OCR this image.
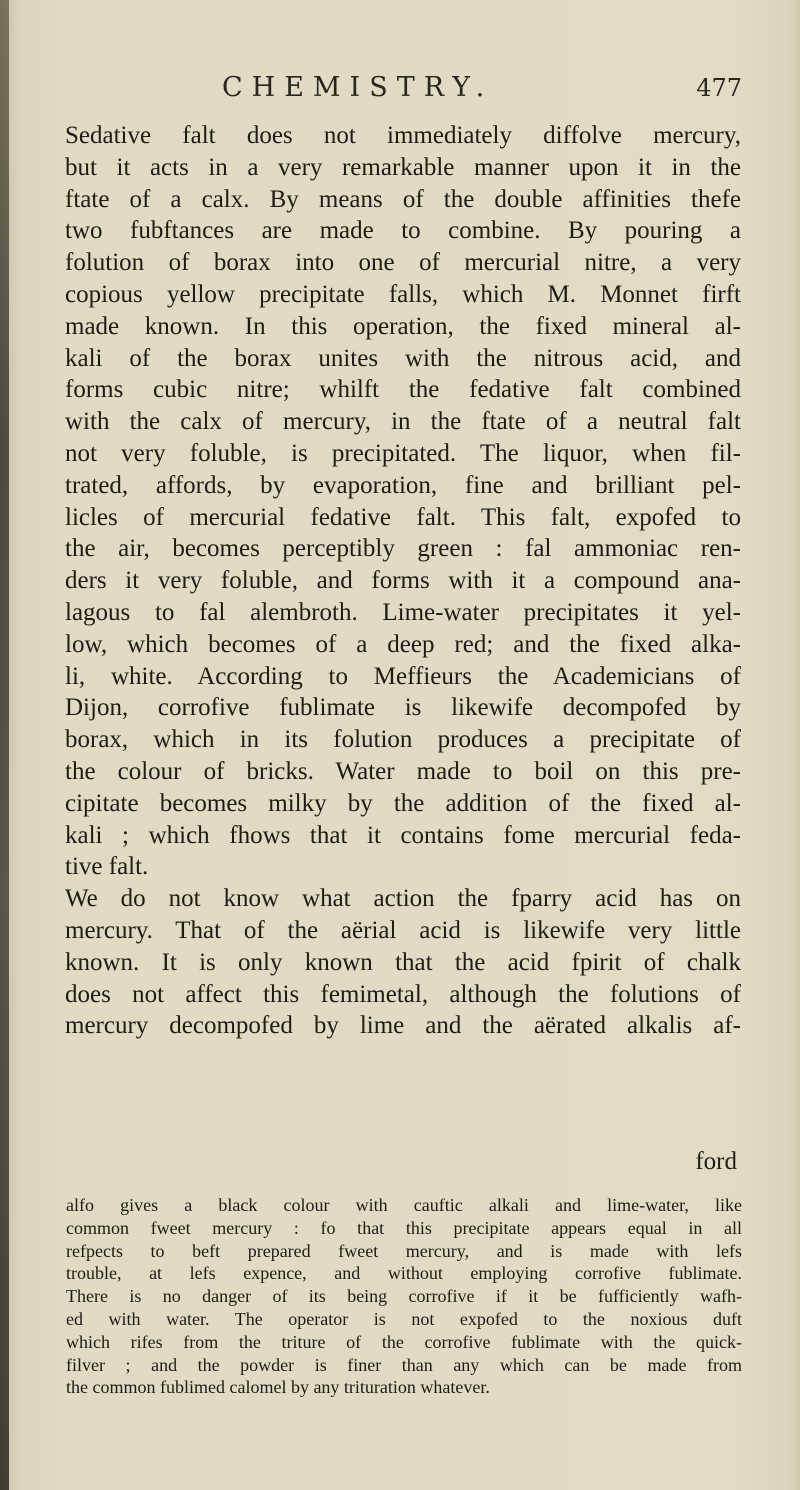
CHEMISTRY.	477

Sedative falt does not immediately diffolve mercury,
but it acts in a very remarkable manner upon it in the
ftate of a calx. By means of the double affinities thefe
two fubftances are made to combine. By pouring a
folution of borax into one of mercurial nitre, a very
copious yellow precipitate falls, which M. Monnet firft
made known. In this operation, the fixed mineral al-
kali of the borax unites with the nitrous acid, and
forms cubic nitre; whilft the fedative falt combined
with the calx of mercury, in the ftate of a neutral falt
not very foluble, is precipitated. The liquor, when fil-
trated, affords, by evaporation, fine and brilliant pel-
licles of mercurial fedative falt. This falt, expofed to
the air, becomes perceptibly green : fal ammoniac ren-
ders it very foluble, and forms with it a compound ana-
lagous to fal alembroth. Lime-water precipitates it yel-
low, which becomes of a deep red; and the fixed alka-
li, white. According to Meffieurs the Academicians of
Dijon, corrofive fublimate is likewife decompofed by
borax, which in its folution produces a precipitate of
the colour of bricks. Water made to boil on this pre-
cipitate becomes milky by the addition of the fixed al-
kali ; which fhows that it contains fome mercurial feda-
tive falt.

We do not know what action the fparry acid has on
mercury. That of the aërial acid is likewife very little
known. It is only known that the acid fpirit of chalk
does not affect this femimetal, although the folutions of
mercury decompofed by lime and the aërated alkalis af-

ford
alfo gives a black colour with cauftic alkali and lime-water, like
common fweet mercury : fo that this precipitate appears equal in all
refpects to beft prepared fweet mercury, and is made with lefs
trouble, at lefs expence, and without employing corrofive fublimate.
There is no danger of its being corrofive if it be fufficiently wafh-
ed with water. The operator is not expofed to the noxious duft
which rifes from the triture of the corrofive fublimate with the quick-
filver ; and the powder is finer than any which can be made from
the common fublimed calomel by any trituration whatever.
